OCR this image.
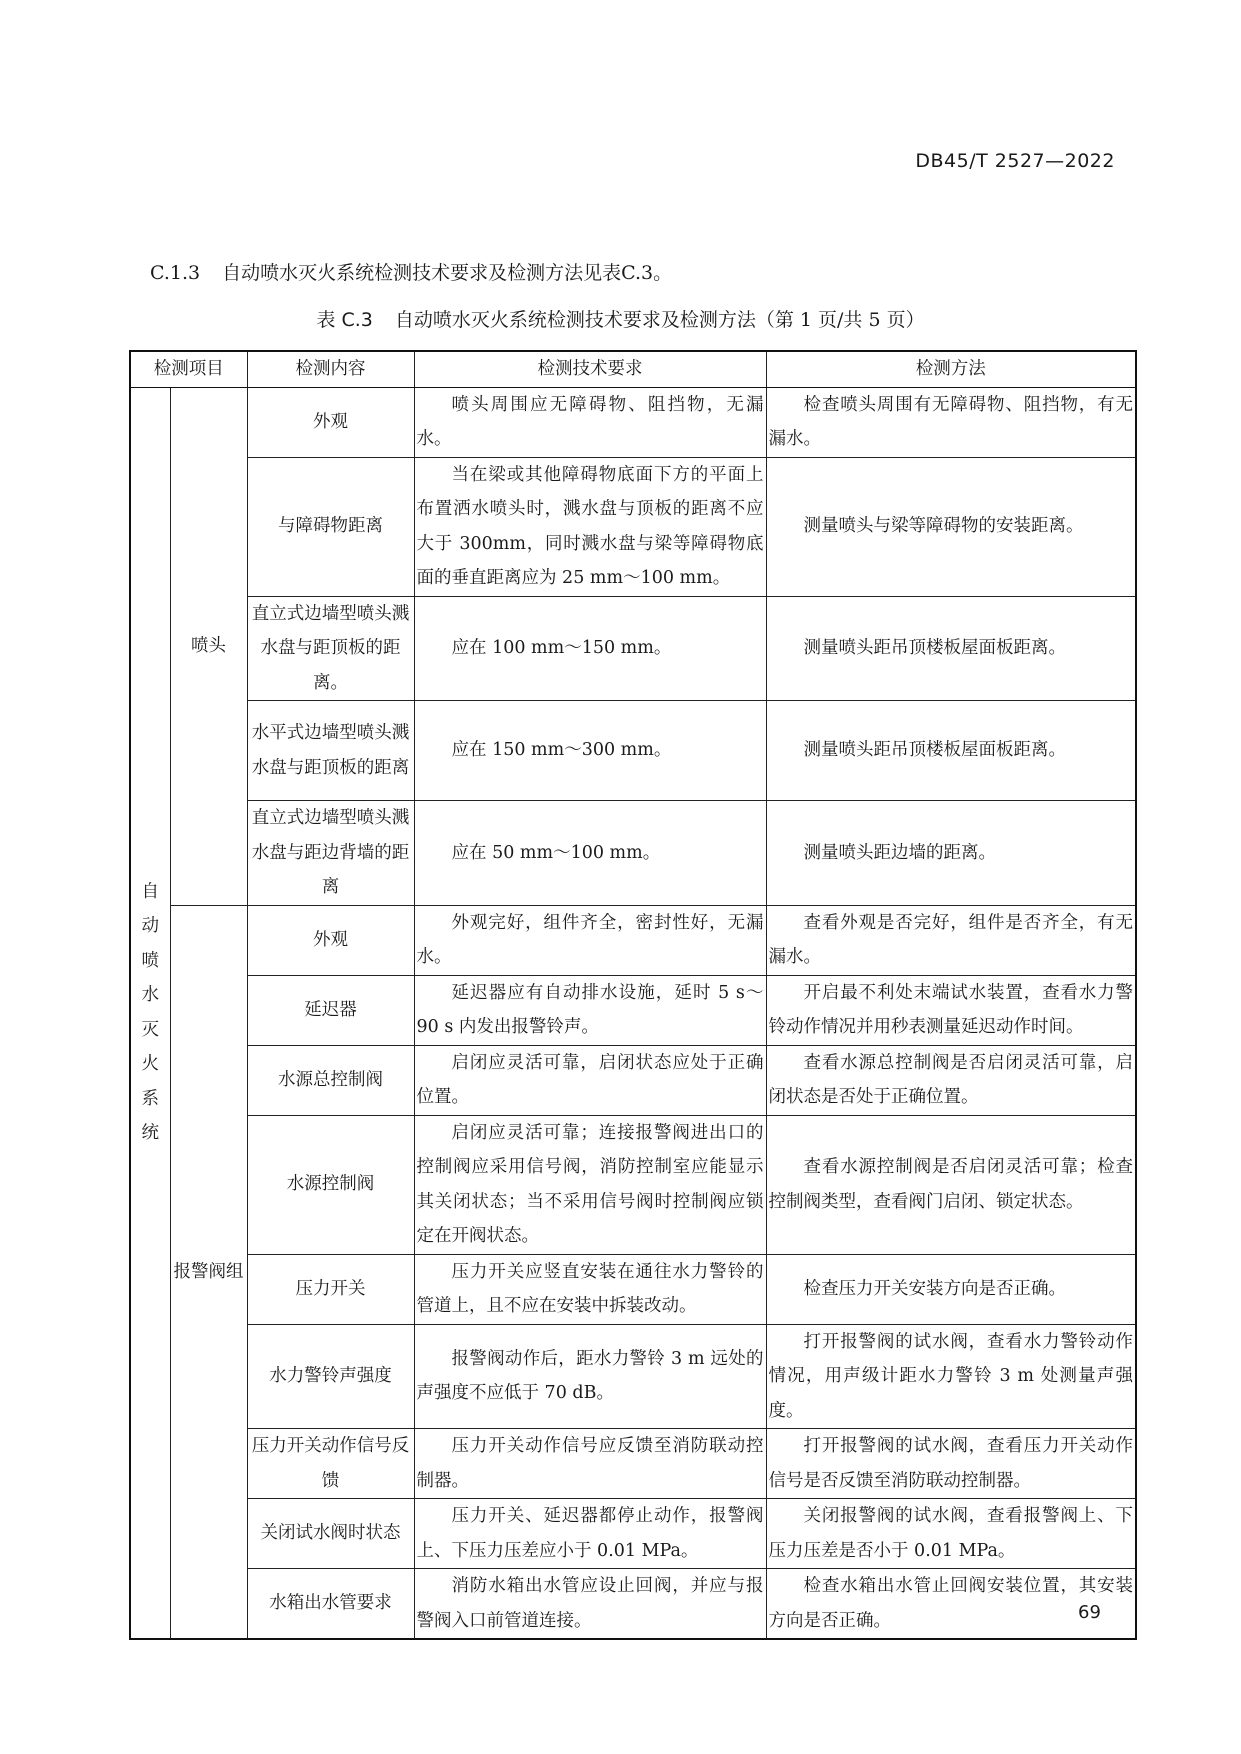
DB45/T 2527—2022
C.1.3 自动喷水灭火系统检测技术要求及检测方法见表C.3。
表 C.3 自动喷水灭火系统检测技术要求及检测方法（第 1 页/共 5 页）
检测项目		检测内容	检测技术要求	检测方法
自动喷水灭火系统	喷头	外观	喷头周围应无障碍物、阻挡物，无漏水。	检查喷头周围有无障碍物、阻挡物，有无漏水。
		与障碍物距离	当在梁或其他障碍物底面下方的平面上布置洒水喷头时，溅水盘与顶板的距离不应大于 300mm，同时溅水盘与梁等障碍物底面的垂直距离应为 25 mm～100 mm。	测量喷头与梁等障碍物的安装距离。
		直立式边墙型喷头溅水盘与距顶板的距离。	应在 100 mm～150 mm。	测量喷头距吊顶楼板屋面板距离。
		水平式边墙型喷头溅水盘与距顶板的距离	应在 150 mm～300 mm。	测量喷头距吊顶楼板屋面板距离。
		直立式边墙型喷头溅水盘与距边背墙的距离	应在 50 mm～100 mm。	测量喷头距边墙的距离。
	报警阀组	外观	外观完好，组件齐全，密封性好，无漏水。	查看外观是否完好，组件是否齐全，有无漏水。
		延迟器	延迟器应有自动排水设施，延时 5 s～90 s 内发出报警铃声。	开启最不利处末端试水装置，查看水力警铃动作情况并用秒表测量延迟动作时间。
		水源总控制阀	启闭应灵活可靠，启闭状态应处于正确位置。	查看水源总控制阀是否启闭灵活可靠，启闭状态是否处于正确位置。
		水源控制阀	启闭应灵活可靠；连接报警阀进出口的控制阀应采用信号阀，消防控制室应能显示其关闭状态；当不采用信号阀时控制阀应锁定在开阀状态。	查看水源控制阀是否启闭灵活可靠；检查控制阀类型，查看阀门启闭、锁定状态。
		压力开关	压力开关应竖直安装在通往水力警铃的管道上，且不应在安装中拆装改动。	检查压力开关安装方向是否正确。
		水力警铃声强度	报警阀动作后，距水力警铃 3 m 远处的声强度不应低于 70 dB。	打开报警阀的试水阀，查看水力警铃动作情况，用声级计距水力警铃 3 m 处测量声强度。
		压力开关动作信号反馈	压力开关动作信号应反馈至消防联动控制器。	打开报警阀的试水阀，查看压力开关动作信号是否反馈至消防联动控制器。
		关闭试水阀时状态	压力开关、延迟器都停止动作，报警阀上、下压力压差应小于 0.01 MPa。	关闭报警阀的试水阀，查看报警阀上、下压力压差是否小于 0.01 MPa。
		水箱出水管要求	消防水箱出水管应设止回阀，并应与报警阀入口前管道连接。	检查水箱出水管止回阀安装位置，其安装方向是否正确。	69
